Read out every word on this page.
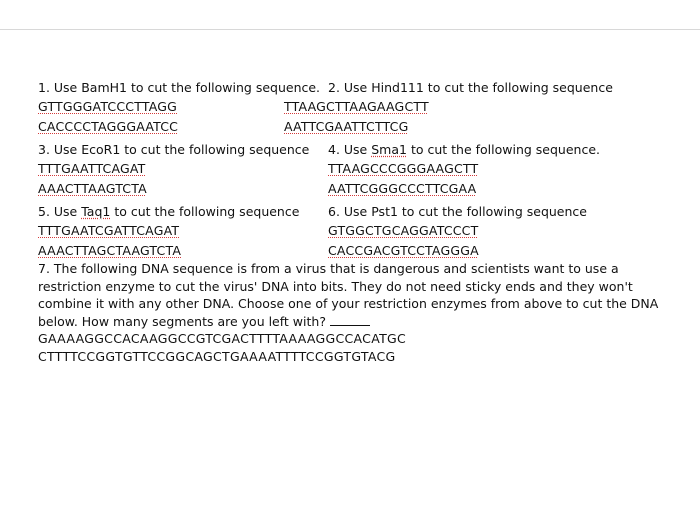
1. Use BamH1 to cut the following sequence.
GTTGGGATCCCTTAGG
CACCCCTAGGGAATCC
2. Use Hind111 to cut the following sequence
TTAAGCTTAAGAAGCTT
AATTCGAATTCTTCG
3. Use EcoR1 to cut the following sequence
TTTGAATTCAGAT
AAACTTAAGTCTA
4. Use Sma1 to cut the following sequence.
TTAAGCCCGGGAAGCTT
AATTCGGGCCCTTCGAA
5. Use Taq1 to cut the following sequence
TTTGAATCGATTCAGAT
AAACTTAGCTAAGTCTA
6. Use Pst1 to cut the following sequence
GTGGCTGCAGGATCCCT
CACCGACGTCCTAGGGA

7. The following DNA sequence is from a virus that is dangerous and scientists want to use a

restriction enzyme to cut the virus' DNA into bits. They do not need sticky ends and they won't

combine it with any other DNA. Choose one of your restriction enzymes from above to cut the DNA

below. How many segments are you left with?

GAAAAGGCCACAAGGCCGTCGACTTTTAAAAGGCCACATGC
CTTTTCCGGTGTTCCGGCAGCTGAAAATTTTCCGGTGTACG
